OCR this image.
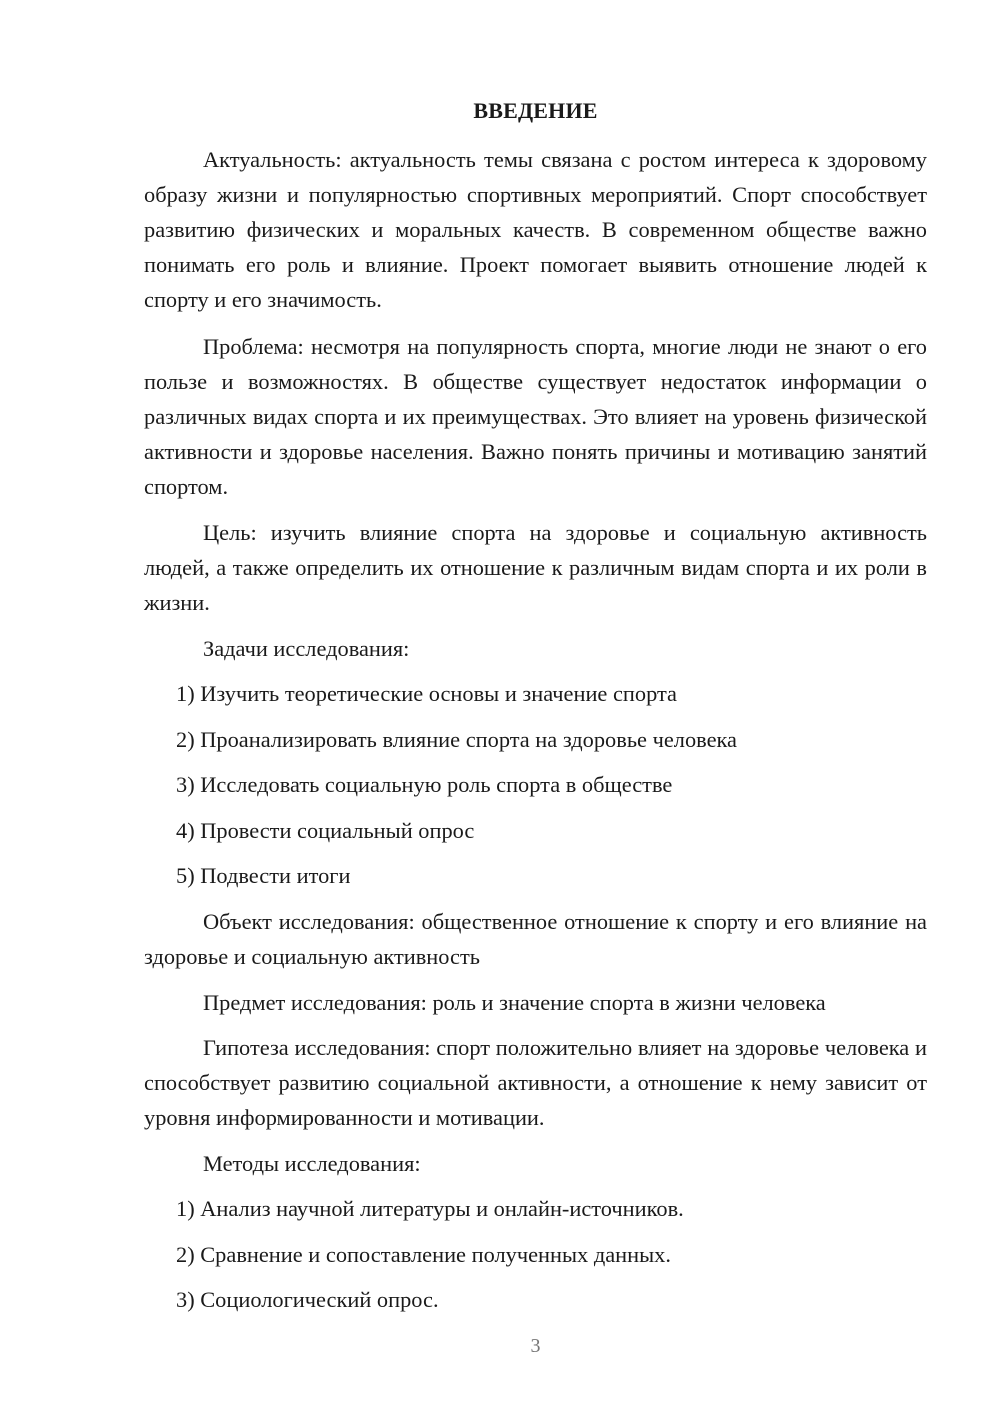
ВВЕДЕНИЕ

Актуальность: актуальность темы связана с ростом интереса к здоровому образу жизни и популярностью спортивных мероприятий. Спорт способствует развитию физических и моральных качеств. В современном обществе важно понимать его роль и влияние. Проект помогает выявить отношение людей к спорту и его значимость.

Проблема: несмотря на популярность спорта, многие люди не знают о его пользе и возможностях. В обществе существует недостаток информации о различных видах спорта и их преимуществах. Это влияет на уровень физической активности и здоровье населения. Важно понять причины и мотивацию занятий спортом.

Цель: изучить влияние спорта на здоровье и социальную активность людей, а также определить их отношение к различным видам спорта и их роли в жизни.

Задачи исследования:
1) Изучить теоретические основы и значение спорта
2) Проанализировать влияние спорта на здоровье человека
3) Исследовать социальную роль спорта в обществе
4) Провести социальный опрос
5) Подвести итоги

Объект исследования: общественное отношение к спорту и его влияние на здоровье и социальную активность

Предмет исследования: роль и значение спорта в жизни человека

Гипотеза исследования: спорт положительно влияет на здоровье человека и способствует развитию социальной активности, а отношение к нему зависит от уровня информированности и мотивации.

Методы исследования:
1) Анализ научной литературы и онлайн-источников.
2) Сравнение и сопоставление полученных данных.
3) Социологический опрос.
3
